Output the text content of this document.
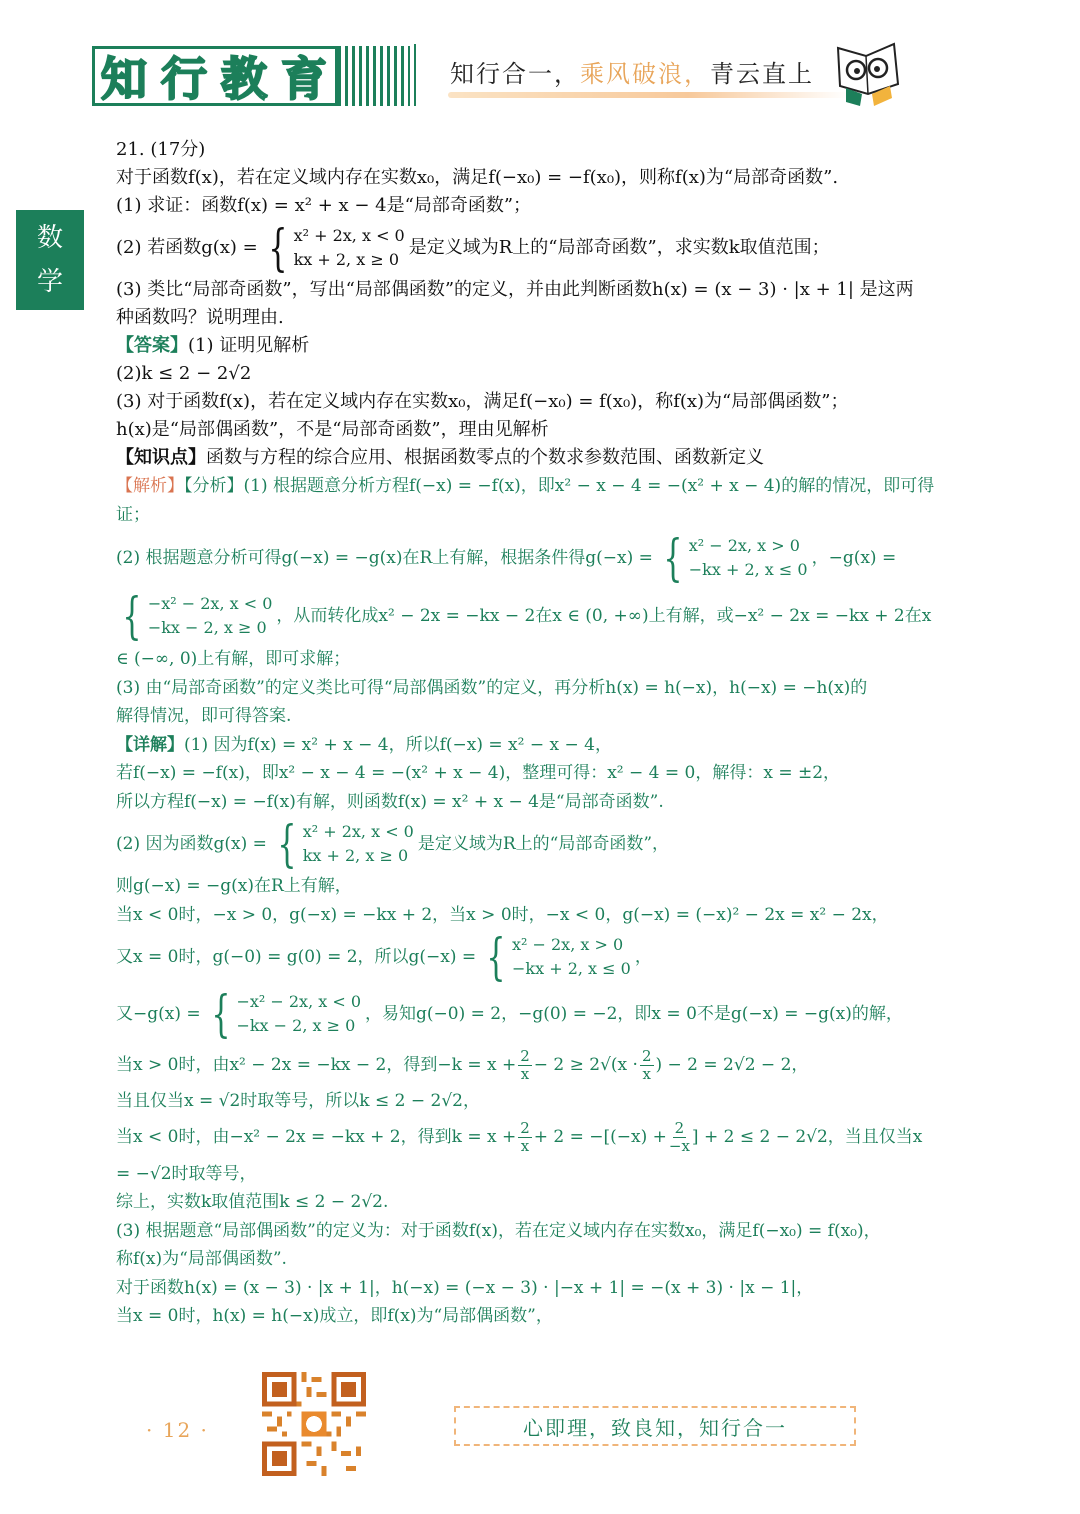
知 行 教 育	知行合一，乘风破浪，青云直上
数
学
21. (17分)
对于函数f(x)，若在定义域内存在实数x₀，满足f(−x₀) = −f(x₀)，则称f(x)为“局部奇函数”.
(1) 求证：函数f(x) = x² + x − 4是“局部奇函数”；
(2) 若函数g(x) = { x² + 2x, x < 0
kx + 2, x ≥ 0
是定义域为R上的“局部奇函数”，求实数k取值范围；
(3) 类比“局部奇函数”，写出“局部偶函数”的定义，并由此判断函数h(x) = (x − 3) · |x + 1| 是这两
种函数吗？说明理由.
【答案】(1) 证明见解析
(2)k ≤ 2 − 2√2
(3) 对于函数f(x)，若在定义域内存在实数x₀，满足f(−x₀) = f(x₀)，称f(x)为“局部偶函数”；
h(x)是“局部偶函数”，不是“局部奇函数”，理由见解析
【知识点】函数与方程的综合应用、根据函数零点的个数求参数范围、函数新定义
【解析】【分析】(1) 根据题意分析方程f(−x) = −f(x)，即x² − x − 4 = −(x² + x − 4)的解的情况，即可得
证；
(2) 根据题意分析可得g(−x) = −g(x)在R上有解，根据条件得g(−x) = { x² − 2x, x > 0
−kx + 2, x ≤ 0
，−g(x) =
{ −x² − 2x, x < 0
−kx − 2, x ≥ 0
，从而转化成x² − 2x = −kx − 2在x ∈ (0, +∞)上有解，或−x² − 2x = −kx + 2在x
∈ (−∞, 0)上有解，即可求解；
(3) 由“局部奇函数”的定义类比可得“局部偶函数”的定义，再分析h(x) = h(−x)，h(−x) = −h(x)的
解得情况，即可得答案.
【详解】(1) 因为f(x) = x² + x − 4，所以f(−x) = x² − x − 4，
若f(−x) = −f(x)，即x² − x − 4 = −(x² + x − 4)，整理可得：x² − 4 = 0，解得：x = ±2，
所以方程f(−x) = −f(x)有解，则函数f(x) = x² + x − 4是“局部奇函数”.
(2) 因为函数g(x) = { x² + 2x, x < 0
kx + 2, x ≥ 0
是定义域为R上的“局部奇函数”，
则g(−x) = −g(x)在R上有解，
当x < 0时，−x > 0，g(−x) = −kx + 2，当x > 0时，−x < 0，g(−x) = (−x)² − 2x = x² − 2x，
又x = 0时，g(−0) = g(0) = 2，所以g(−x) = { x² − 2x, x > 0
−kx + 2, x ≤ 0
，
又−g(x) = { −x² − 2x, x < 0
−kx − 2, x ≥ 0
，易知g(−0) = 2，−g(0) = −2，即x = 0不是g(−x) = −g(x)的解，
当x > 0时，由x² − 2x = −kx − 2，得到$-k = x + \frac{2}{x} - 2 \ge 2√(x \cdot \frac{2}{x}$ ) − 2 = 2√2 − 2，
当且仅当x = √2时取等号，所以k ≤ 2 − 2√2，
当x < 0时，由−x² − 2x = −kx + 2，得到$k = x + \frac{2}{x} + 2 = -[(-x) + \frac{2}{-x}$ ] + 2 ≤ 2 − 2√2，当且仅当x
= −√2时取等号，
综上，实数k取值范围k ≤ 2 − 2√2.
(3) 根据题意“局部偶函数”的定义为：对于函数f(x)，若在定义域内存在实数x₀，满足f(−x₀) = f(x₀)，
称f(x)为“局部偶函数”.
对于函数h(x) = (x − 3) · |x + 1|，h(−x) = (−x − 3) · |−x + 1| = −(x + 3) · |x − 1|，
当x = 0时，h(x) = h(−x)成立，即f(x)为“局部偶函数”，
· 12 ·	心即理，致良知，知行合一
